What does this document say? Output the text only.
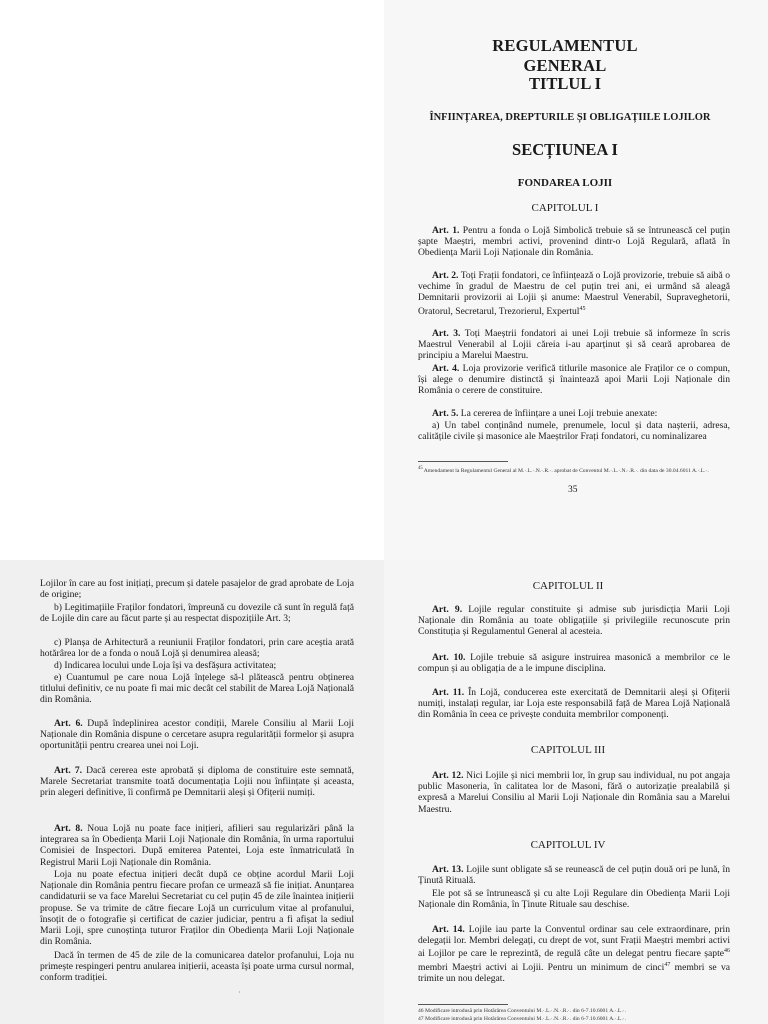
REGULAMENTUL GENERAL
TITLUL I
ÎNFIINȚAREA, DREPTURILE ȘI OBLIGAȚIILE LOJILOR
SECȚIUNEA I
FONDAREA LOJII
CAPITOLUL I

Art. 1. Pentru a fonda o Lojă Simbolică trebuie să se întrunească cel puțin șapte Maeștri, membri activi, provenind dintr-o Lojă Regulară, aflată în Obediența Marii Loji Naționale din România.

Art. 2. Toți Frații fondatori, ce înființează o Lojă provizorie, trebuie să aibă o vechime în gradul de Maestru de cel puțin trei ani, ei urmând să aleagă Demnitarii provizorii ai Lojii și anume: Maestrul Venerabil, Supraveghetorii, Oratorul, Secretarul, Trezorierul, Expertul$^{45}$

Art. 3. Toți Maeștrii fondatori ai unei Loji trebuie să informeze în scris Maestrul Venerabil al Lojii căreia i-au aparținut și să ceară aprobarea de principiu a Marelui Maestru.

Art. 4. Loja provizorie verifică titlurile masonice ale Fraților ce o compun, își alege o denumire distinctă și înaintează apoi Marii Loji Naționale din România o cerere de constituire.

Art. 5. La cererea de înființare a unei Loji trebuie anexate:

a) Un tabel conținând numele, prenumele, locul și data nașterii, adresa, calitățile civile și masonice ale Maeștrilor Frați fondatori, cu nominalizarea

$^{45}$ Amendament la Regulamentul General al M.·.L.·.N.·.R.·. aprobat de Conventul M.·.L.·.N.·.R.·. din data de 30.04.6011 A.·.L.·.

35

Lojilor în care au fost inițiați, precum și datele pasajelor de grad aprobate de Loja de origine;

b) Legitimațiile Fraților fondatori, împreună cu dovezile că sunt în regulă față de Lojile din care au făcut parte și au respectat dispozițiile Art. 3;

c) Planșa de Arhitectură a reuniunii Fraților fondatori, prin care aceștia arată hotărârea lor de a fonda o nouă Lojă și denumirea aleasă;

d) Indicarea locului unde Loja își va desfășura activitatea;

e) Cuantumul pe care noua Lojă înțelege să-l plătească pentru obținerea titlului definitiv, ce nu poate fi mai mic decât cel stabilit de Marea Lojă Națională din România.

Art. 6. După îndeplinirea acestor condiții, Marele Consiliu al Marii Loji Naționale din România dispune o cercetare asupra regularității formelor și asupra oportunității pentru crearea unei noi Loji.

Art. 7. Dacă cererea este aprobată și diploma de constituire este semnată, Marele Secretariat transmite toată documentația Lojii nou înființate și aceasta, prin alegeri definitive, îi confirmă pe Demnitarii aleși și Ofițerii numiți.

Art. 8. Noua Lojă nu poate face inițieri, afilieri sau regularizări până la integrarea sa în Obediența Marii Loji Naționale din România, în urma raportului Comisiei de Inspectori. După emiterea Patentei, Loja este înmatriculată în Registrul Marii Loji Naționale din România.

Loja nu poate efectua inițieri decât după ce obține acordul Marii Loji Naționale din România pentru fiecare profan ce urmează să fie inițiat. Anunțarea candidaturii se va face Marelui Secretariat cu cel puțin 45 de zile înaintea inițierii propuse. Se va trimite de către fiecare Lojă un curriculum vitae al profanului, însoțit de o fotografie și certificat de cazier judiciar, pentru a fi afișat la sediul Marii Loji, spre cunoștința tuturor Fraților din Obediența Marii Loji Naționale din România.

Dacă în termen de 45 de zile de la comunicarea datelor profanului, Loja nu primește respingeri pentru anularea inițierii, aceasta își poate urma cursul normal, conform tradiției.

·
CAPITOLUL II

Art. 9. Lojile regular constituite și admise sub jurisdicția Marii Loji Naționale din România au toate obligațiile și privilegiile recunoscute prin Constituția și Regulamentul General al acesteia.

Art. 10. Lojile trebuie să asigure instruirea masonică a membrilor ce le compun și au obligația de a le impune disciplina.

Art. 11. În Lojă, conducerea este exercitată de Demnitarii aleși și Ofițerii numiți, instalați regular, iar Loja este responsabilă față de Marea Lojă Națională din România în ceea ce privește conduita membrilor componenți.

CAPITOLUL III

Art. 12. Nici Lojile și nici membrii lor, în grup sau individual, nu pot angaja public Masoneria, în calitatea lor de Masoni, fără o autorizație prealabilă și expresă a Marelui Consiliu al Marii Loji Naționale din România sau a Marelui Maestru.

CAPITOLUL IV

Art. 13. Lojile sunt obligate să se reunească de cel puțin două ori pe lună, în Ținută Rituală.

Ele pot să se întrunească și cu alte Loji Regulare din Obediența Marii Loji Naționale din România, în Ținute Rituale sau deschise.

Art. 14. Lojile iau parte la Conventul ordinar sau cele extraordinare, prin delegații lor. Membri delegați, cu drept de vot, sunt Frații Maeștri membri activi ai Lojilor pe care le reprezintă, de regulă câte un delegat pentru fiecare șapte$^{46}$ membri Maeștri activi ai Lojii. Pentru un minimum de cinci$^{47}$ membri se va trimite un nou delegat.

46 Modificare introdusă prin Hotărârea Conventului M.·.L.·.N.·.R.·. din 6-7.10.6001 A.·.L.·.

47 Modificare introdusă prin Hotărârea Conventului M.·.L.·.N.·.R.·. din 6-7.10.6001 A.·.L.·.
